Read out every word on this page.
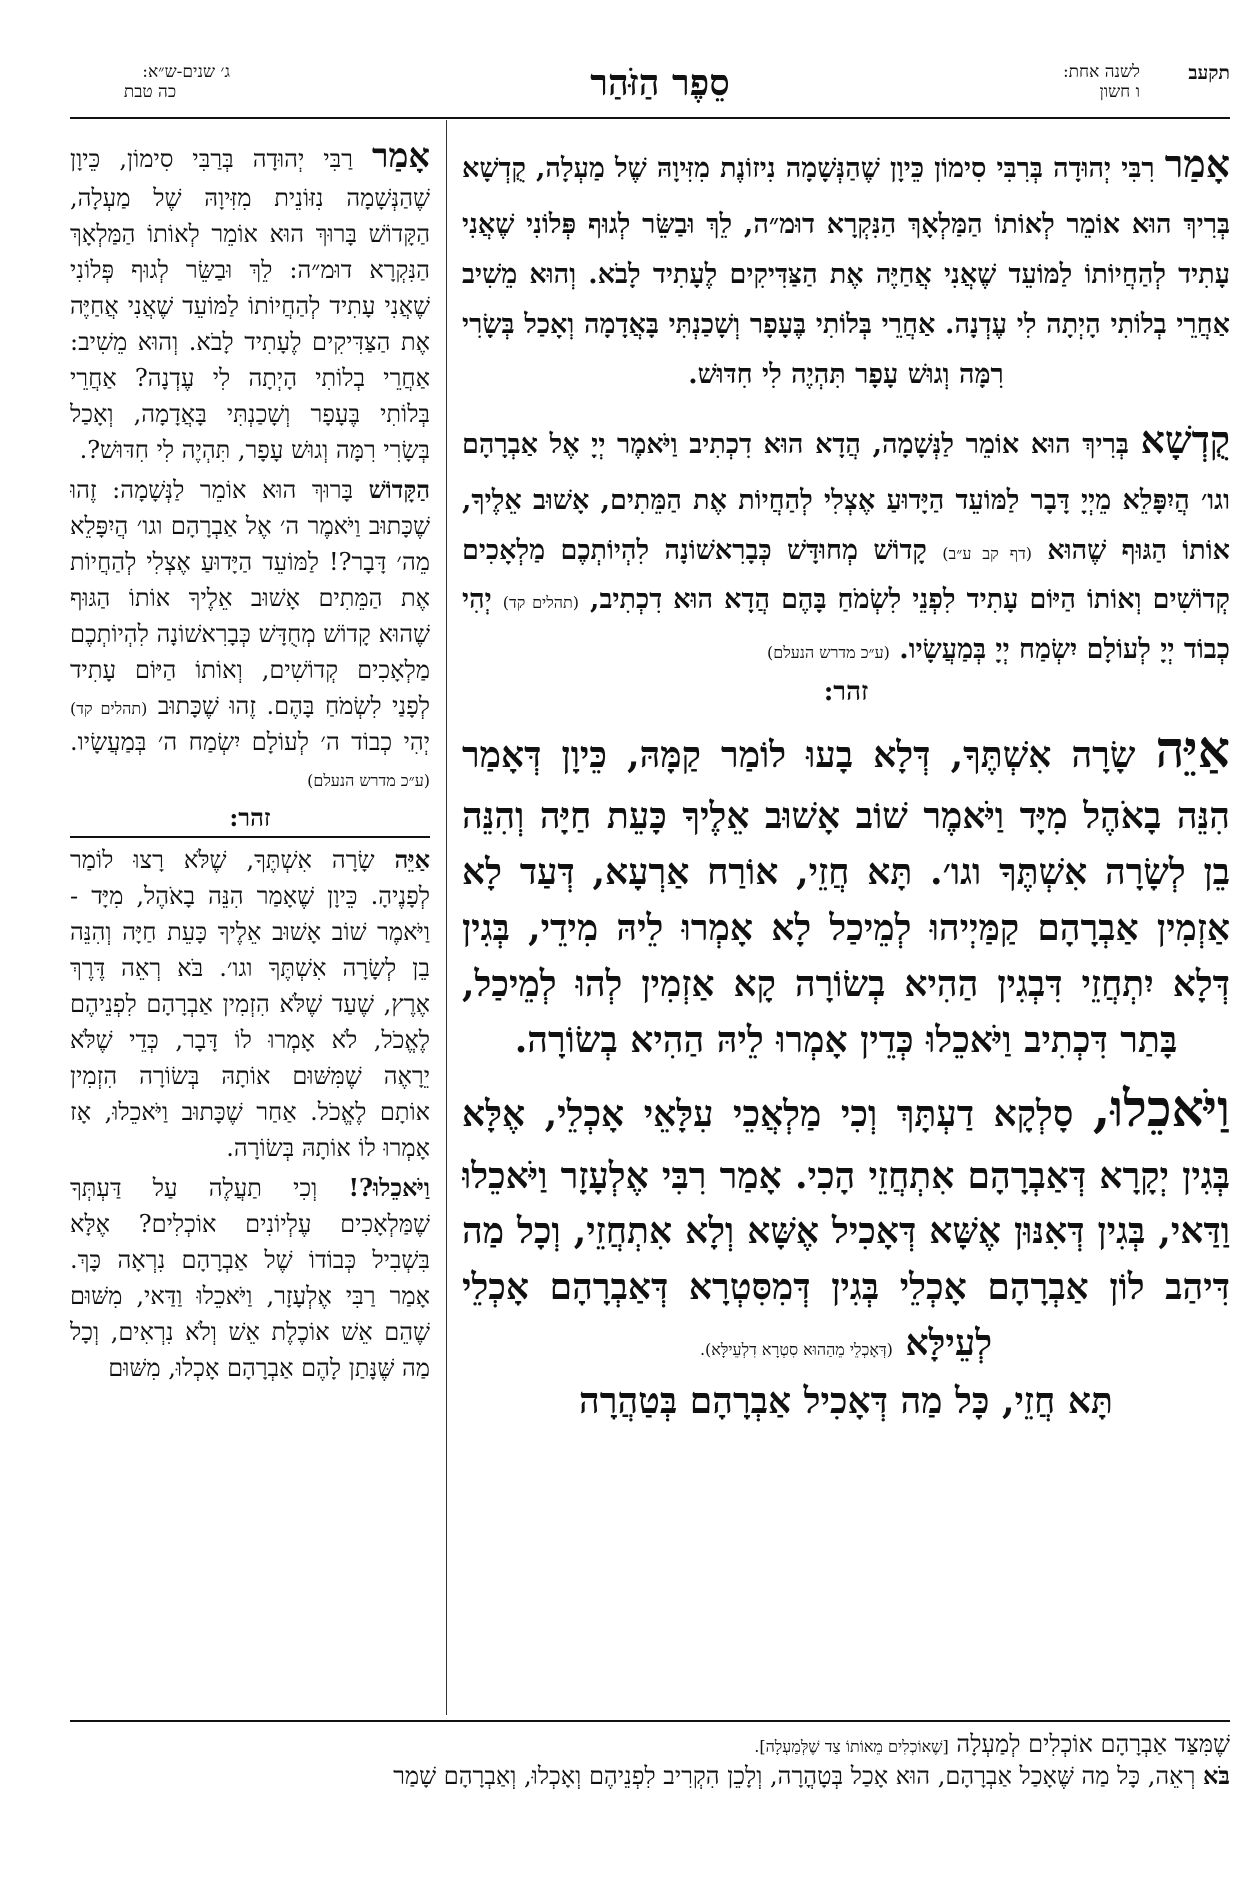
ג׳ שנים-ש״א:
כה טבת	סֵפֶר הַזֹּהַר	לשנה אחת:
ו חשון
תקעב

אָמַר רִבִּי יְהוּדָה בְּרִבִּי סִימוֹן כֵּיוָן שֶׁהַנְּשָׁמָה נִיזוֹנֶת מִזִּיוָהּ שֶׁל מַעְלָה, קֻדְשָׁא בְּרִיךְ הוּא אוֹמֵר לְאוֹתוֹ הַמַּלְאָךְ הַנִּקְרָא דוּמ״ה, לֵךְ וּבַשֵּׂר לְגוּף פְּלוֹנִי שֶׁאֲנִי עָתִיד לְהַחֲיוֹתוֹ לַמּוֹעֵד שֶׁאֲנִי אֲחַיֶּה אֶת הַצַּדִּיקִים לֶעָתִיד לָבֹא. וְהוּא מֵשִׁיב אַחֲרֵי בְלוֹתִי הָיְתָה לִי עֶדְנָה. אַחֲרֵי בְּלוֹתִי בֶּעָפָר וְשָׁכַנְתִּי בָּאֲדָמָה וְאָכַל בְּשָׂרִי רִמָּה וְגוּשׁ עָפָר תִּהְיֶה לִי חִדּוּשׁ.

קֻדְשָׁא בְּרִיךְ הוּא אוֹמֵר לַנְּשָׁמָה, הֲדָא הוּא דִכְתִיב וַיֹּאמֶר יְיָ אֶל אַבְרָהָם וגו׳ הֲיִפָּלֵא מֵיְיָ דָּבָר לַמּוֹעֵד הַיָּדוּעַ אֶצְלִי לְהַחֲיוֹת אֶת הַמֵּתִים, אָשׁוּב אֵלֶיךָ, אוֹתוֹ הַגּוּף שֶׁהוּא (דף קב ע״ב) קָדוֹשׁ מְחוּדָּשׁ כְּבָרִאשׁוֹנָה לִהְיוֹתְכֶם מַלְאָכִים קְדוֹשִׁים וְאוֹתוֹ הַיּוֹם עָתִיד לִפְנֵי לִשְׂמֹחַ בָּהֶם הֲדָא הוּא דִכְתִיב, (תהלים קד) יְהִי כְבוֹד יְיָ לְעוֹלָם יִשְׂמַח יְיָ בְּמַעֲשָׂיו. (ע״כ מדרש הנעלם)

זהר:

אַיֵּה שָׂרָה אִשְׁתֶּךָ, דְּלָא בָעוּ לוֹמַר קַמָּהּ, כֵּיוָן דְּאָמַר הִנֵּה בָאֹהֶל מִיָּד וַיֹּאמֶר שׁוֹב אָשׁוּב אֵלֶיךָ כָּעֵת חַיָּה וְהִנֵּה בֵן לְשָׂרָה אִשְׁתֶּךָ וגו׳. תָּא חֲזֵי, אוֹרַח אַרְעָא, דְּעַד לָא אַזְמִין אַבְרָהָם קַמַּיְיהוּ לְמֵיכַל לָא אָמְרוּ לֵיהּ מִידֵי, בְּגִין דְּלָא יִתְחֲזֵי דִּבְגִין הַהִיא בְשׂוֹרָה קָא אַזְמִין לְהוּ לְמֵיכַל, בָּתַר דִּכְתִיב וַיֹּאכֵלוּ כְּדֵין אָמְרוּ לֵיהּ הַהִיא בְשׂוֹרָה.

וַיֹּאכֵלוּ, סָלְקָא דַעְתָּךְ וְכִי מַלְאֲכֵי עִלָּאֵי אָכְלֵי, אֶלָּא בְּגִין יְקָרָא דְּאַבְרָהָם אִתְחֲזֵי הָכִי. אָמַר רִבִּי אֶלְעָזָר וַיֹּאכֵלוּ וַדַּאי, בְּגִין דְּאִנּוּן אֶשָּׁא דְּאָכִיל אֶשָּׁא וְלָא אִתְחֲזֵי, וְכָל מַה דִּיהַב לוֹן אַבְרָהָם אָכְלֵי בְּגִין דְּמִסִּטְרָא דְּאַבְרָהָם אָכְלֵי לְעֵילָּא (דְּאָכְלֵי מֵהַהוּא סִטְרָא דִלְעֵילָּא).

תָּא חֲזֵי, כָּל מַה דְּאָכִיל אַבְרָהָם בְּטַהֲרָה

אָמַר רַבִּי יְהוּדָה בְּרַבִּי סִימוֹן, כֵּיוָן שֶׁהַנְּשָׁמָה נִזּוֹנֵית מִזִּיוָהּ שֶׁל מַעְלָה, הַקָּדוֹשׁ בָּרוּךְ הוּא אוֹמֵר לְאוֹתוֹ הַמַּלְאָךְ הַנִּקְרָא דוּמ״ה: לֵךְ וּבַשֵּׂר לְגוּף פְּלוֹנִי שֶׁאֲנִי עָתִיד לְהַחֲיוֹתוֹ לַמּוֹעֵד שֶׁאֲנִי אֲחַיֶּה אֶת הַצַּדִּיקִים לֶעָתִיד לָבֹא. וְהוּא מֵשִׁיב: אַחֲרֵי בְלוֹתִי הָיְתָה לִי עֶדְנָה? אַחֲרֵי בְּלוֹתִי בֶּעָפָר וְשָׁכַנְתִּי בָּאֲדָמָה, וְאָכַל בְּשָׂרִי רִמָּה וְגוּשׁ עָפָר, תִּהְיֶה לִי חִדּוּשׁ?.

הַקָּדוֹשׁ בָּרוּךְ הוּא אוֹמֵר לַנְּשָׁמָה: זֶהוּ שֶׁכָּתוּב וַיֹּאמֶר ה׳ אֶל אַבְרָהָם וגו׳ הֲיִפָּלֵא מֵה׳ דָּבָר?! לַמּוֹעֵד הַיָּדוּעַ אֶצְלִי לְהַחֲיוֹת אֶת הַמֵּתִים אָשׁוּב אֵלֶיךָ אוֹתוֹ הַגּוּף שֶׁהוּא קָדוֹשׁ מְחֻדָּשׁ כְּבָרִאשׁוֹנָה לִהְיוֹתְכֶם מַלְאָכִים קְדוֹשִׁים, וְאוֹתוֹ הַיּוֹם עָתִיד לְפָנַי לִשְׂמֹחַ בָּהֶם. זֶהוּ שֶׁכָּתוּב (תהלים קד) יְהִי כְבוֹד ה׳ לְעוֹלָם יִשְׂמַח ה׳ בְּמַעֲשָׂיו. (ע״כ מדרש הנעלם)

זהר:

אַיֵּה שָׂרָה אִשְׁתֶּךָ, שֶׁלֹּא רָצוּ לוֹמַר לְפָנֶיהָ. כֵּיוָן שֶׁאָמַר הִנֵּה בָאֹהֶל, מִיָּד - וַיֹּאמֶר שׁוֹב אָשׁוּב אֵלֶיךָ כָּעֵת חַיָּה וְהִנֵּה בֵן לְשָׂרָה אִשְׁתֶּךָ וגו׳. בֹּא רְאֵה דֶּרֶךְ אֶרֶץ, שֶׁעַד שֶׁלֹּא הִזְמִין אַבְרָהָם לִפְנֵיהֶם לֶאֱכֹל, לֹא אָמְרוּ לוֹ דָּבָר, כְּדֵי שֶׁלֹּא יֵרָאֶה שֶׁמִּשּׁוּם אוֹתָהּ בְּשׂוֹרָה הִזְמִין אוֹתָם לֶאֱכֹל. אַחַר שֶׁכָּתוּב וַיֹּאכֵלוּ, אָז אָמְרוּ לוֹ אוֹתָהּ בְּשׂוֹרָה.

וַיֹּאכֵלוּ?! וְכִי תַעֲלֶה עַל דַּעְתְּךָ שֶׁמַּלְאָכִים עֶלְיוֹנִים אוֹכְלִים? אֶלָּא בִּשְׁבִיל כְּבוֹדוֹ שֶׁל אַבְרָהָם נִרְאָה כָּךְ. אָמַר רַבִּי אֶלְעָזָר, וַיֹּאכֵלוּ וַדַּאי, מִשּׁוּם שֶׁהֵם אֵשׁ אוֹכֶלֶת אֵשׁ וְלֹא נִרְאִים, וְכָל מַה שֶּׁנָּתַן לָהֶם אַבְרָהָם אָכְלוּ, מִשּׁוּם

שֶׁמִּצַּד אַבְרָהָם אוֹכְלִים לְמַעְלָה [שֶׁאוֹכְלִים מֵאוֹתוֹ צַד שֶׁלְּמַעְלָה].
בֹּא רְאֵה, כָּל מַה שֶּׁאָכַל אַבְרָהָם, הוּא אָכַל בְּטָהֳרָה, וְלָכֵן הִקְרִיב לִפְנֵיהֶם וְאָכְלוּ, וְאַבְרָהָם שָׁמַר
